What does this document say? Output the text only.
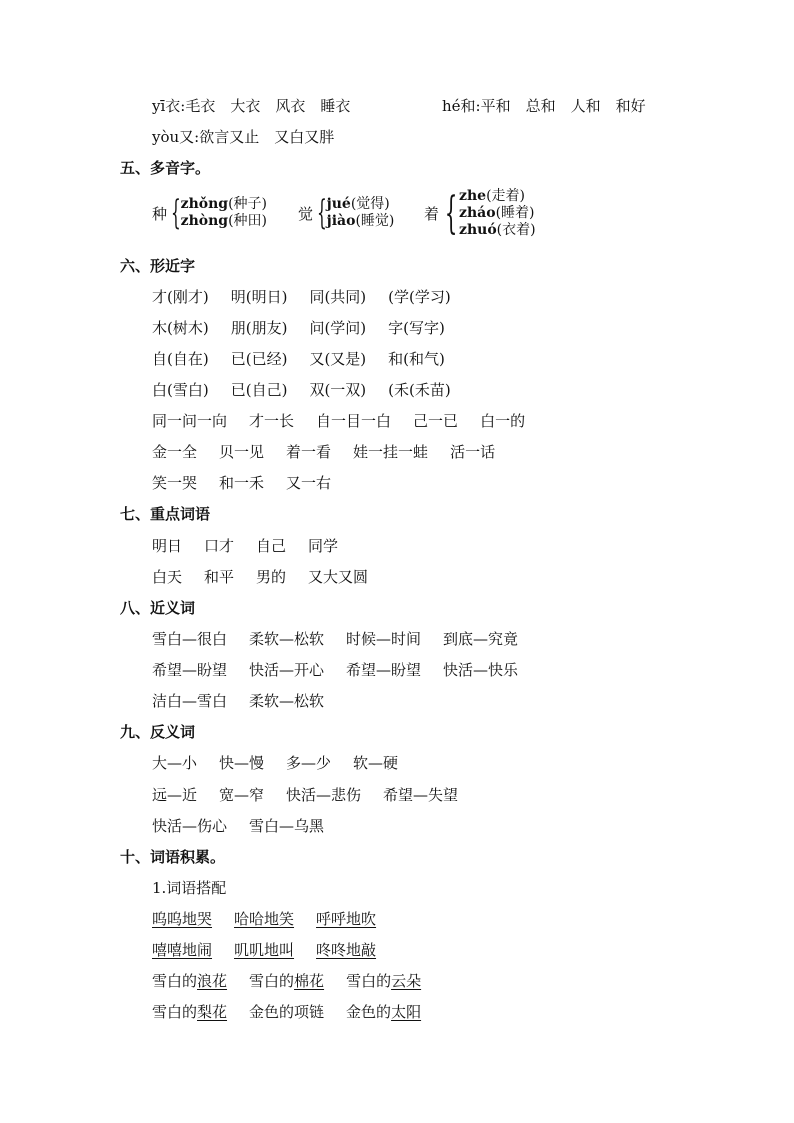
yī衣:毛衣　大衣　风衣　睡衣	hé和:平和　总和　人和　和好
yòu又:欲言又止　又白又胖
五、多音字。
种 { zhǒng(种子)
zhòng(种田) 觉 { jué(觉得)
jiào(睡觉) 着 { zhe(走着)
zháo(睡着)
zhuó(衣着)
六、形近字
才(刚才) 明(明日) 同(共同) (学(学习)
木(树木) 朋(朋友) 问(学问) 字(写字)
自(自在) 已(已经) 又(又是) 和(和气)
白(雪白) 已(自己) 双(一双) (禾(禾苗)
同一问一向 才一长 自一目一白 己一已 白一的
金一全 贝一见 着一看 娃一挂一蛙 活一话
笑一哭 和一禾 又一右
七、重点词语
明日 口才 自己 同学
白天 和平 男的 又大又圆
八、近义词
雪白—很白 柔软—松软 时候—时间 到底—究竟
希望—盼望 快活—开心 希望—盼望 快活—快乐
洁白—雪白 柔软—松软
九、反义词
大—小 快—慢 多—少 软—硬
远—近 宽—窄 快活—悲伤 希望—失望
快活—伤心 雪白—乌黑
十、词语积累。
1.词语搭配
呜呜地哭 哈哈地笑 呼呼地吹
嘻嘻地闹 叽叽地叫 咚咚地敲
雪白的浪花 雪白的棉花 雪白的云朵
雪白的梨花 金色的项链 金色的太阳
